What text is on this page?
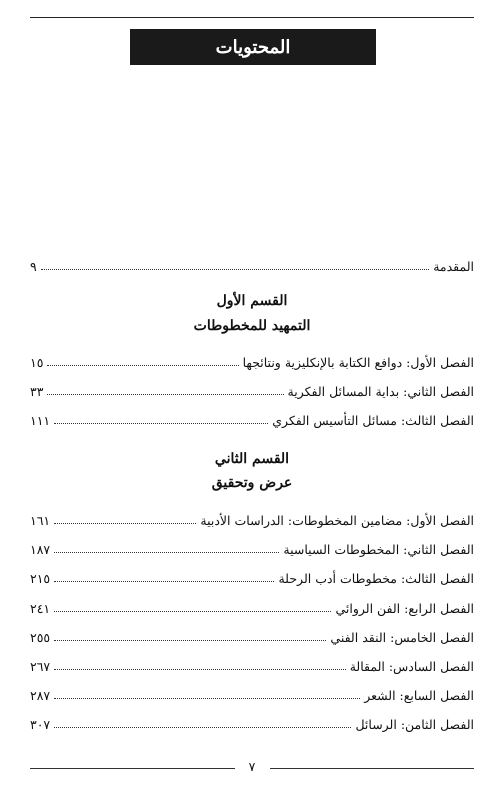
المحتويات
المقدمة
٩
القسم الأول
التمهيد للمخطوطات
الفصل الأول: دوافع الكتابة بالإنكليزية ونتائجها
١٥
الفصل الثاني: بداية المسائل الفكرية
٣٣
الفصل الثالث: مسائل التأسيس الفكري
١١١
القسم الثاني
عرض وتحقيق
الفصل الأول: مضامين المخطوطات: الدراسات الأدبية
١٦١
الفصل الثاني: المخطوطات السياسية
١٨٧
الفصل الثالث: مخطوطات أدب الرحلة
٢١٥
الفصل الرابع: الفن الروائي
٢٤١
الفصل الخامس: النقد الفني
٢٥٥
الفصل السادس: المقالة
٢٦٧
الفصل السابع: الشعر
٢٨٧
الفصل الثامن: الرسائل
٣٠٧
٧
